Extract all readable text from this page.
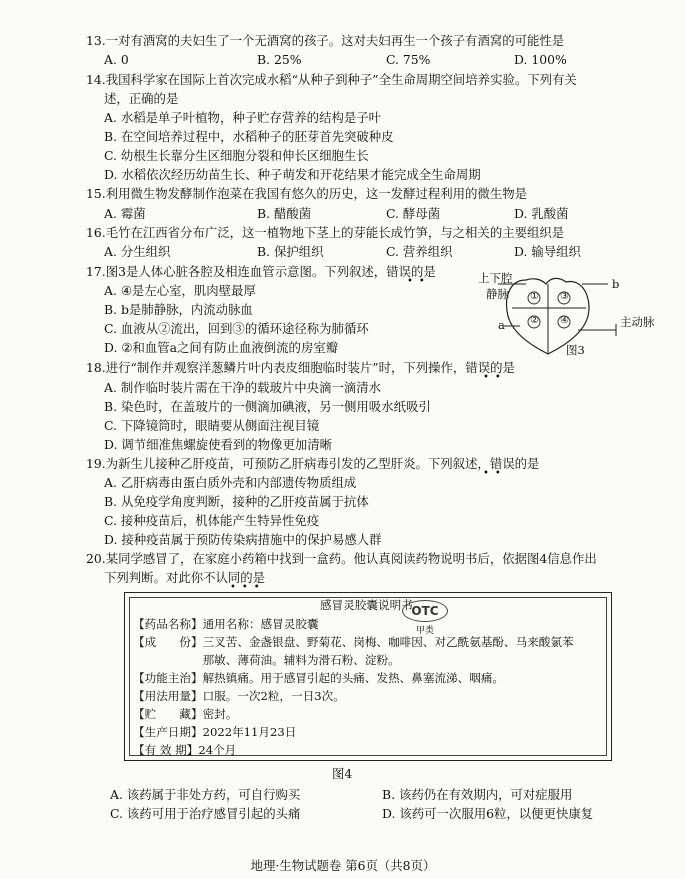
13.一对有酒窝的夫妇生了一个无酒窝的孩子。这对夫妇再生一个孩子有酒窝的可能性是
A. 0	B. 25%	C. 75%	D. 100%
14.我国科学家在国际上首次完成水稻“从种子到种子”全生命周期空间培养实验。下列有关
述，正确的是
A. 水稻是单子叶植物，种子贮存营养的结构是子叶
B. 在空间培养过程中，水稻种子的胚芽首先突破种皮
C. 幼根生长靠分生区细胞分裂和伸长区细胞生长
D. 水稻依次经历幼苗生长、种子萌发和开花结果才能完成全生命周期
15.利用微生物发酵制作泡菜在我国有悠久的历史，这一发酵过程利用的微生物是
A. 霉菌	B. 醋酸菌	C. 酵母菌	D. 乳酸菌
16.毛竹在江西省分布广泛，这一植物地下茎上的芽能长成竹笋，与之相关的主要组织是
A. 分生组织	B. 保护组织	C. 营养组织	D. 输导组织
17.图3是人体心脏各腔及相连血管示意图。下列叙述，错误的是
••
A. ④是左心室，肌肉壁最厚
B. b是肺静脉，内流动脉血
C. 血液从②流出，回到③的循环途径称为肺循环
D. ②和血管a之间有防止血液倒流的房室瓣
上下腔
静脉 ① ③
② ④
b
a	主动脉
图3
18.进行“制作并观察洋葱鳞片叶内表皮细胞临时装片”时，下列操作，错误的是
••
A. 制作临时装片需在干净的载玻片中央滴一滴清水
B. 染色时，在盖玻片的一侧滴加碘液，另一侧用吸水纸吸引
C. 下降镜筒时，眼睛要从侧面注视目镜
D. 调节细准焦螺旋使看到的物像更加清晰
19.为新生儿接种乙肝疫苗，可预防乙肝病毒引发的乙型肝炎。下列叙述，错误的是
••
A. 乙肝病毒由蛋白质外壳和内部遗传物质组成
B. 从免疫学角度判断，接种的乙肝疫苗属于抗体
C. 接种疫苗后，机体能产生特异性免疫
D. 接种疫苗属于预防传染病措施中的保护易感人群
20.某同学感冒了，在家庭小药箱中找到一盒药。他认真阅读药物说明书后，依据图4信息作出
下列判断。对此你不认同的是
•••
感冒灵胶囊说明书
OTC
甲类
【药品名称】通用名称：感冒灵胶囊
【成　　份】三叉苦、金盏银盘、野菊花、岗梅、咖啡因、对乙酰氨基酚、马来酸氯苯
　　　　　　那敏、薄荷油。辅料为滑石粉、淀粉。
【功能主治】解热镇痛。用于感冒引起的头痛、发热、鼻塞流涕、咽痛。
【用法用量】口服。一次2粒，一日3次。
【贮　　藏】密封。
【生产日期】2022年11月23日
【有 效 期】24个月
图4
A. 该药属于非处方药，可自行购买	B. 该药仍在有效期内，可对症服用
C. 该药可用于治疗感冒引起的头痛	D. 该药可一次服用6粒，以便更快康复
地理·生物试题卷 第6页（共8页）
